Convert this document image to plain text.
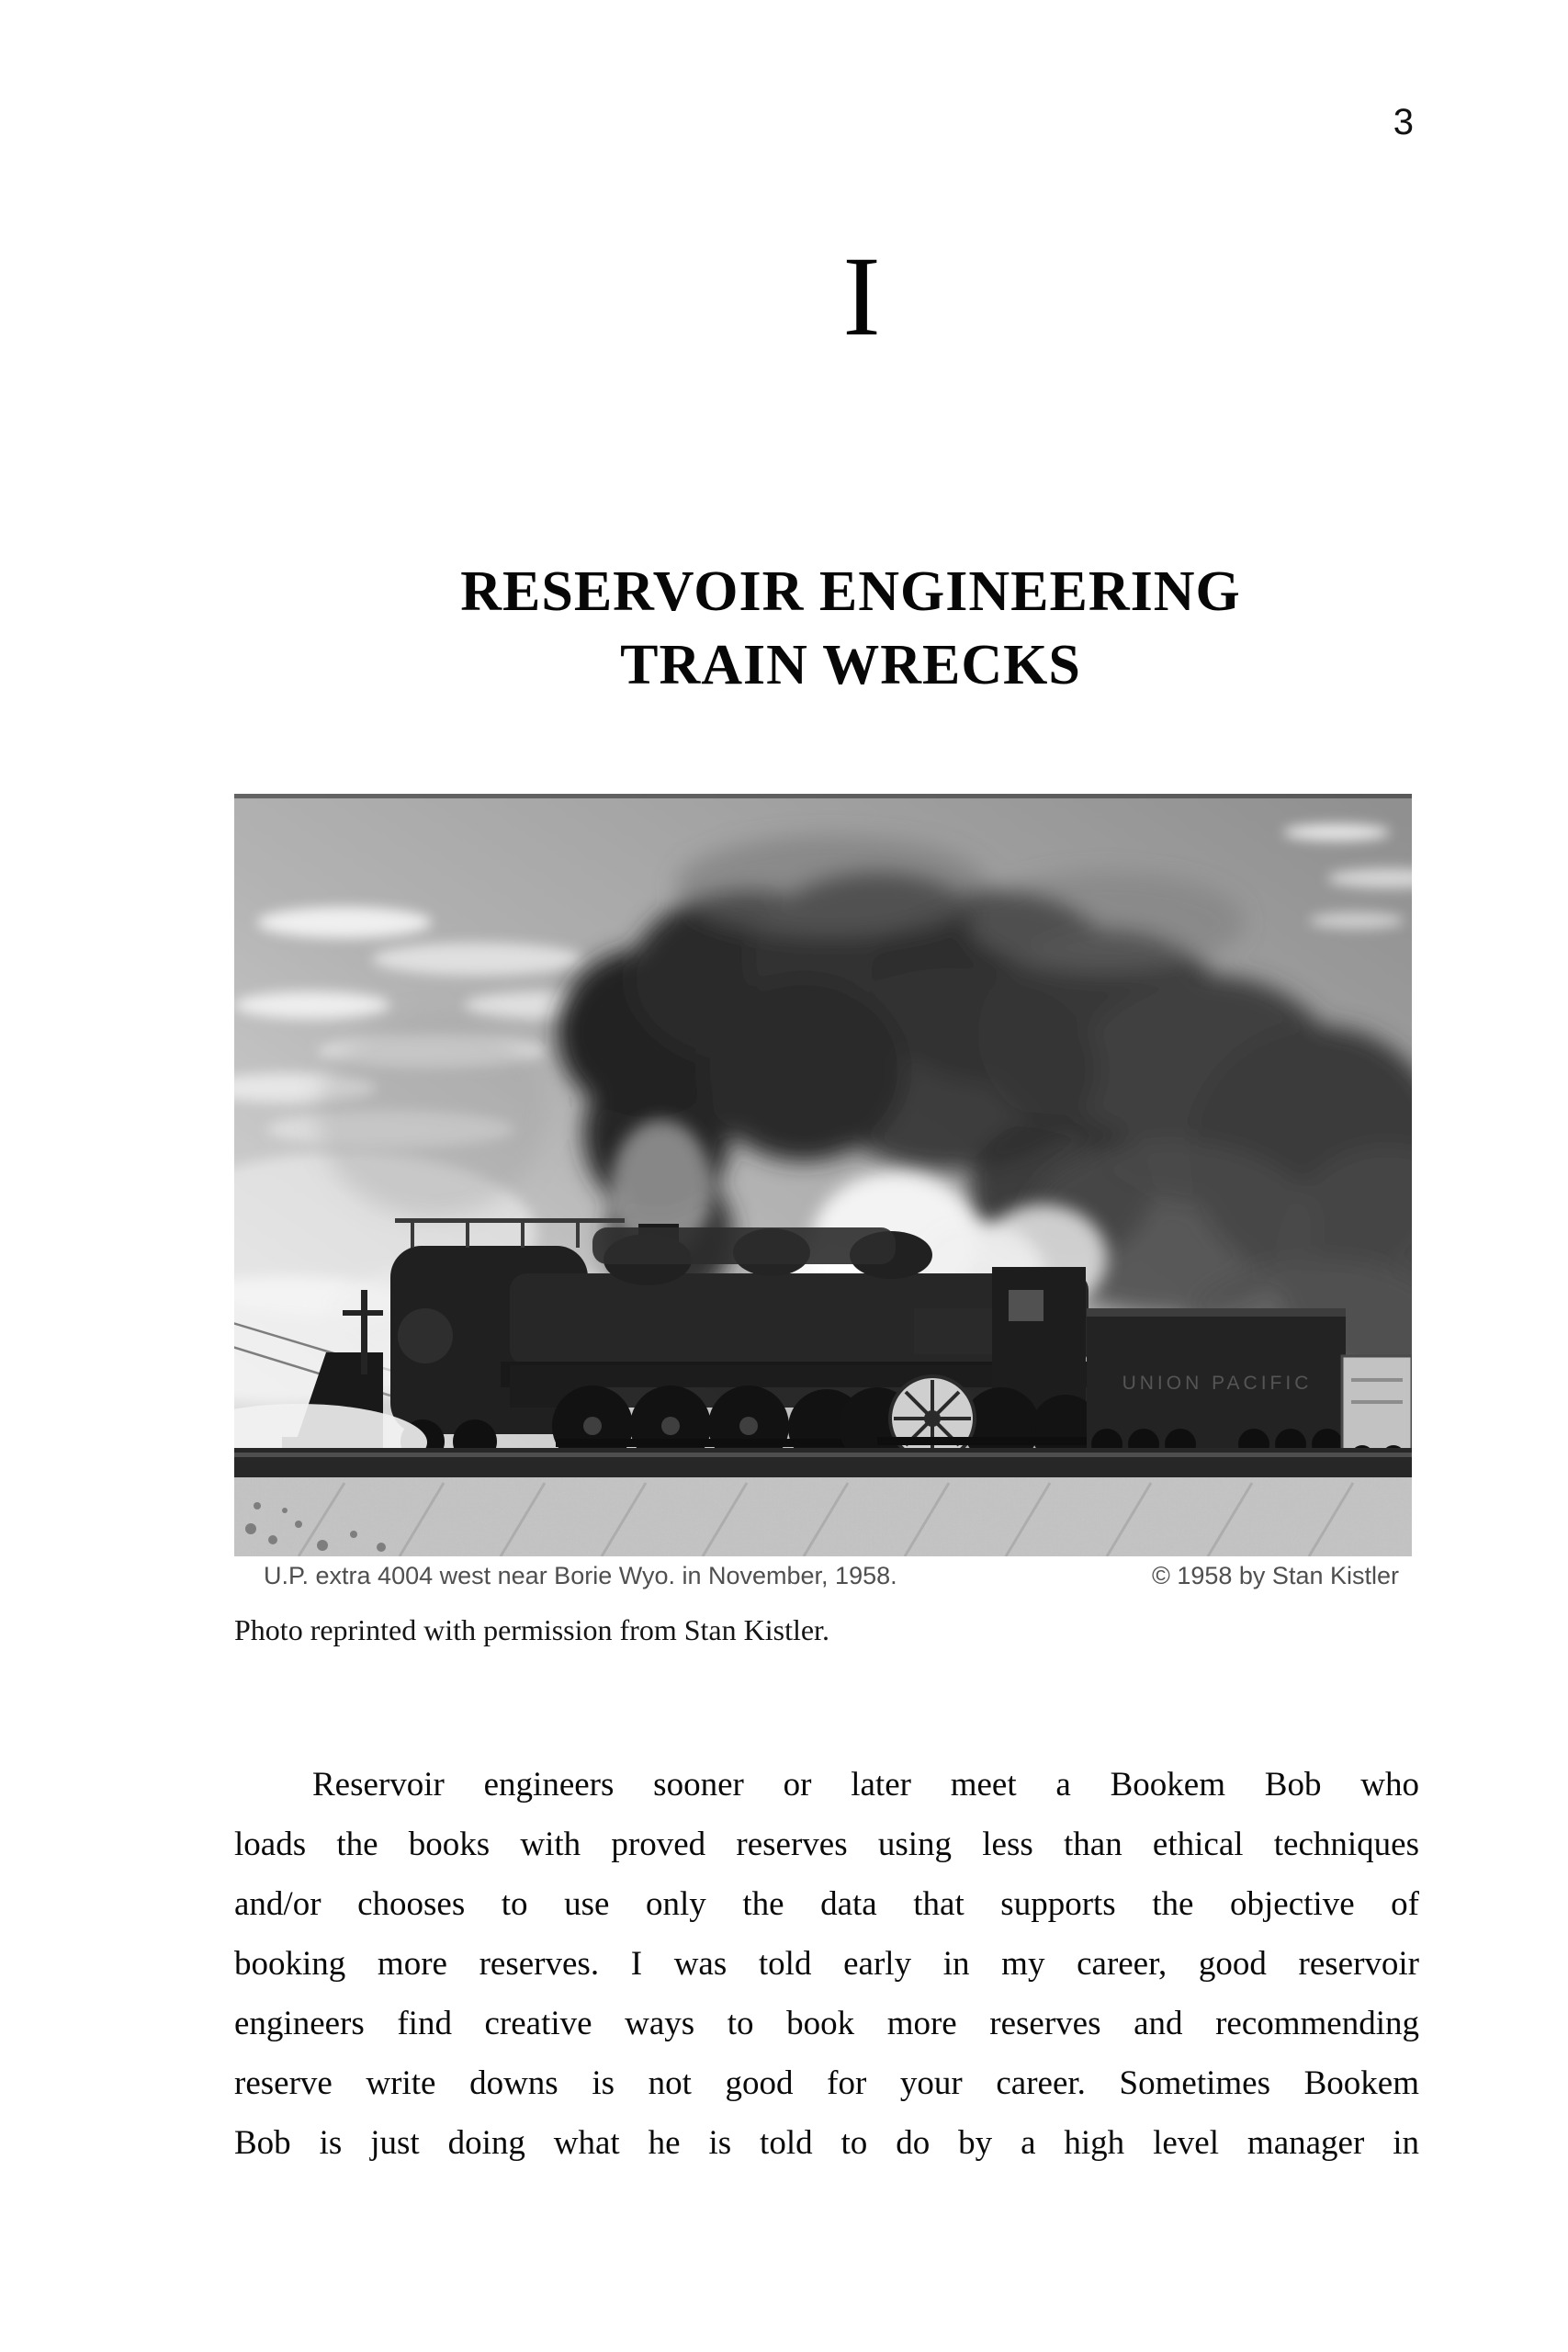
3
I
RESERVOIR ENGINEERING
TRAIN WRECKS
UNION PACIFIC
U.P. extra 4004 west near Borie Wyo. in November, 1958.	© 1958 by Stan Kistler
Photo reprinted with permission from Stan Kistler.
Reservoir engineers sooner or later meet a Bookem Bob who
loads the books with proved reserves using less than ethical techniques
and/or chooses to use only the data that supports the objective of
booking more reserves. I was told early in my career, good reservoir
engineers find creative ways to book more reserves and recommending
reserve write downs is not good for your career. Sometimes Bookem
Bob is just doing what he is told to do by a high level manager in
